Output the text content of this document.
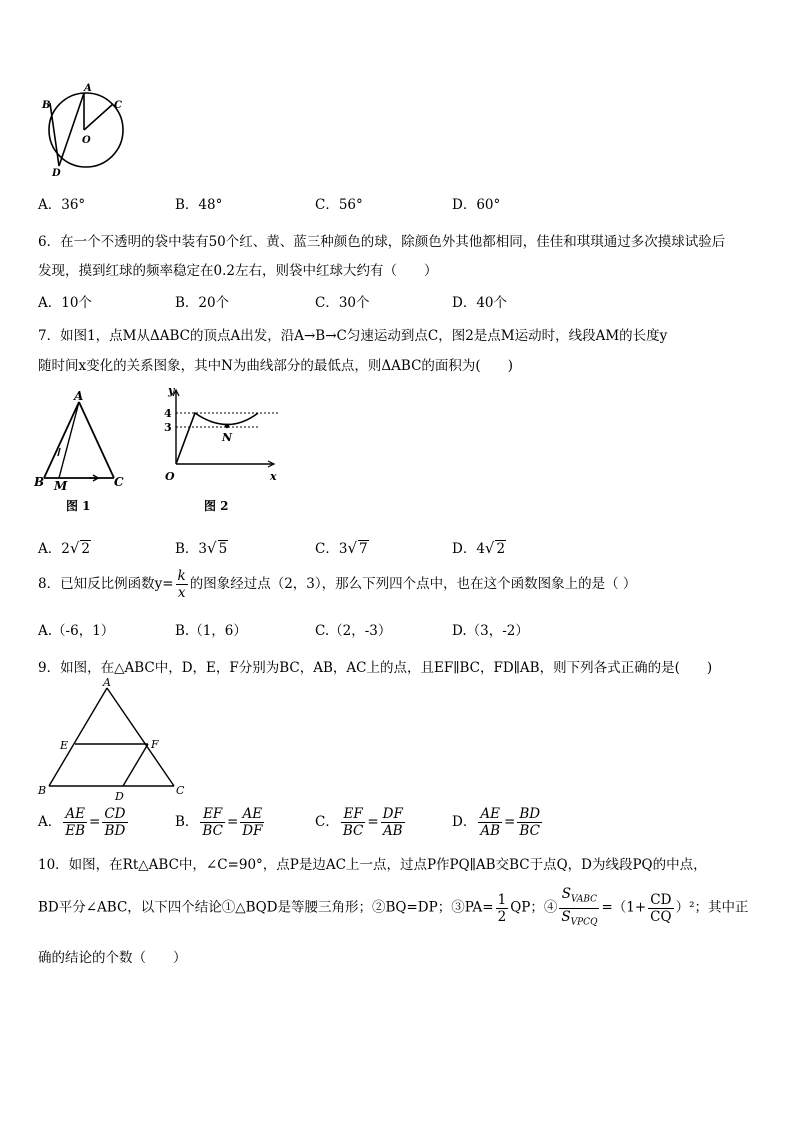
A
B	C
D
O
A．36°	B．48°	C．56°	D．60°
6．在一个不透明的袋中装有50个红、黄、蓝三种颜色的球，除颜色外其他都相同，佳佳和琪琪通过多次摸球试验后
发现，摸到红球的频率稳定在0.2左右，则袋中红球大约有（　　）
A．10个	B．20个	C．30个	D．40个
7．如图1，点M从ΔABC的顶点A出发，沿A→B→C匀速运动到点C，图2是点M运动时，线段AM的长度y
随时间x变化的关系图象，其中N为曲线部分的最低点，则ΔABC的面积为(　　)
A
B M	C
图 1
y
4
3
N
O	x
图 2
A．2√ 2	B．3√ 5	C．3√ 7	D．4√ 2
8．已知反比例函数$y= \frac{k}{x}$ 的图象经过点（2，3），那么下列四个点中，也在这个函数图象上的是（ ）
A.（-6，1）	B.（1，6）	C.（2，-3）	D.（3，-2）
9．如图，在△ABC中，D，E，F分别为BC，AB，AC上的点，且EF∥BC，FD∥AB，则下列各式正确的是(　　)
A
E	F
B	D	C
A． $\frac{AE}{EB} = \frac{CD}{BD}$	B． $\frac{EF}{BC} = \frac{AE}{DF}$	C． $\frac{EF}{BC} = \frac{DF}{AB}$	D． $\frac{AE}{AB} = \frac{BD}{BC}$
10．如图，在Rt△ABC中，∠C=90°，点P是边AC上一点，过点P作PQ∥AB交BC于点Q，D为线段PQ的中点，
BD平分∠ABC，以下四个结论①△BQD是等腰三角形；②BQ=DP；③PA= $\frac{1}{2}$ QP；④ $\frac{S_{VABC}}{S_{VPCQ}} =(1+ \frac{CD}{CQ} )^2$；其中正
确的结论的个数（　　）
